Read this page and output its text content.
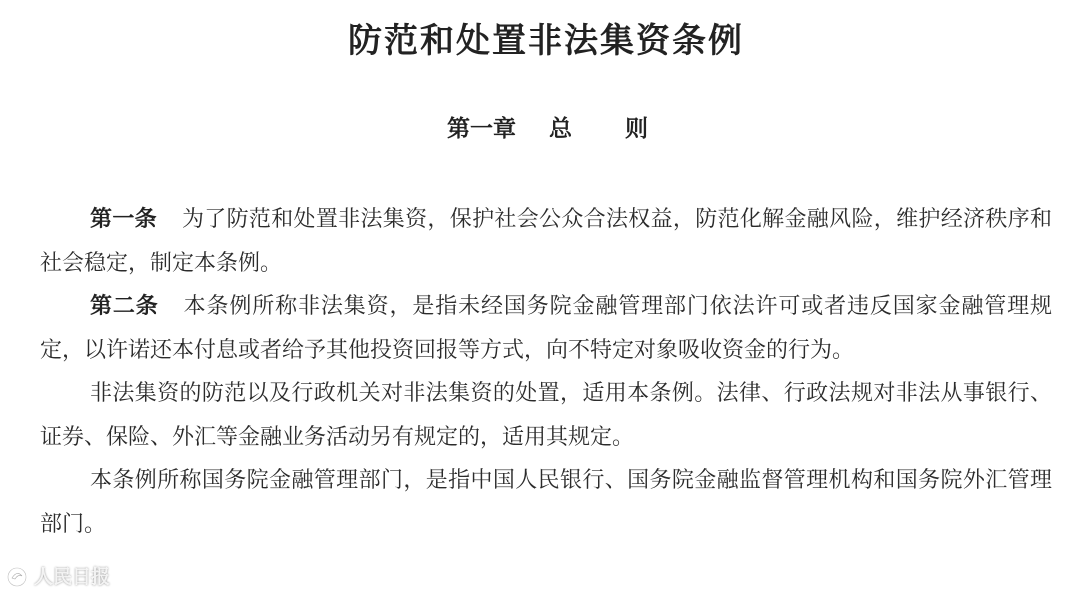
防范和处置非法集资条例
第一章 总 则

第一条 为了防范和处置非法集资，保护社会公众合法权益，防范化解金融风险，维护经济秩序和社会稳定，制定本条例。

第二条 本条例所称非法集资，是指未经国务院金融管理部门依法许可或者违反国家金融管理规定，以许诺还本付息或者给予其他投资回报等方式，向不特定对象吸收资金的行为。

非法集资的防范以及行政机关对非法集资的处置，适用本条例。法律、行政法规对非法从事银行、证券、保险、外汇等金融业务活动另有规定的，适用其规定。

本条例所称国务院金融管理部门，是指中国人民银行、国务院金融监督管理机构和国务院外汇管理部门。

人民日报
